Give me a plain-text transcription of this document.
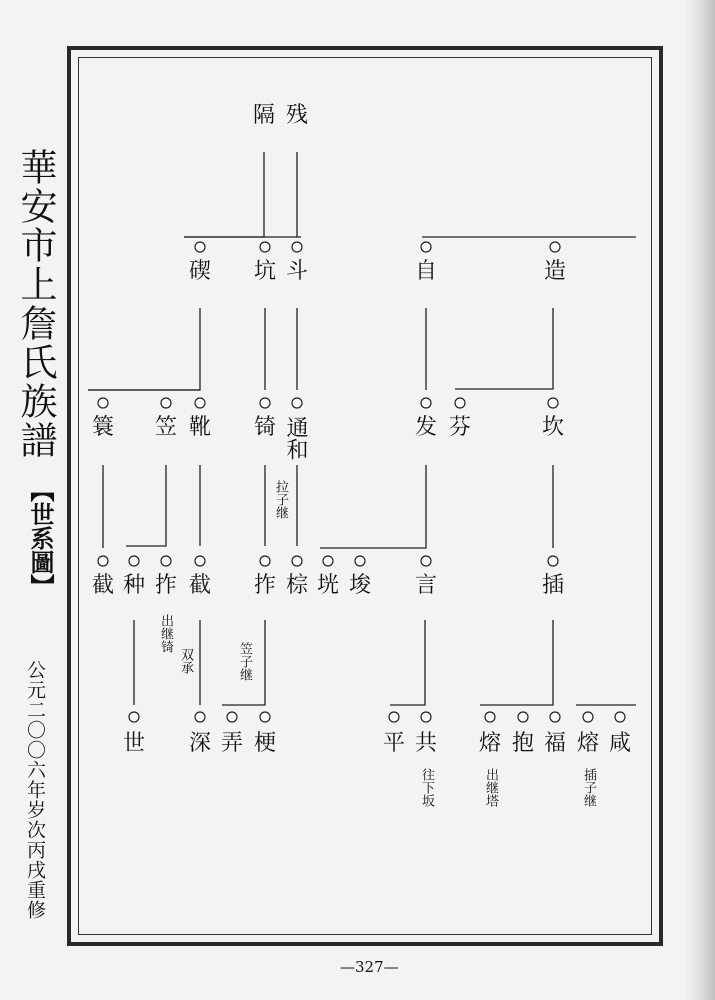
華安市上詹氏族譜
【世系圖】
公元二〇〇六年岁次丙戌重修
隔 残
碶 坑 斗	自	造
簑 笠 靴 锜 通和	发 芬	坎
截 种 拃 截 拃 棕 垙 埈 言	插
世 深 弄 梗	平 共 熔 抱 福 熔 咸
拉子继
出继锜
双承	笠子继
往下坂	出继塔	插子继
—327—
